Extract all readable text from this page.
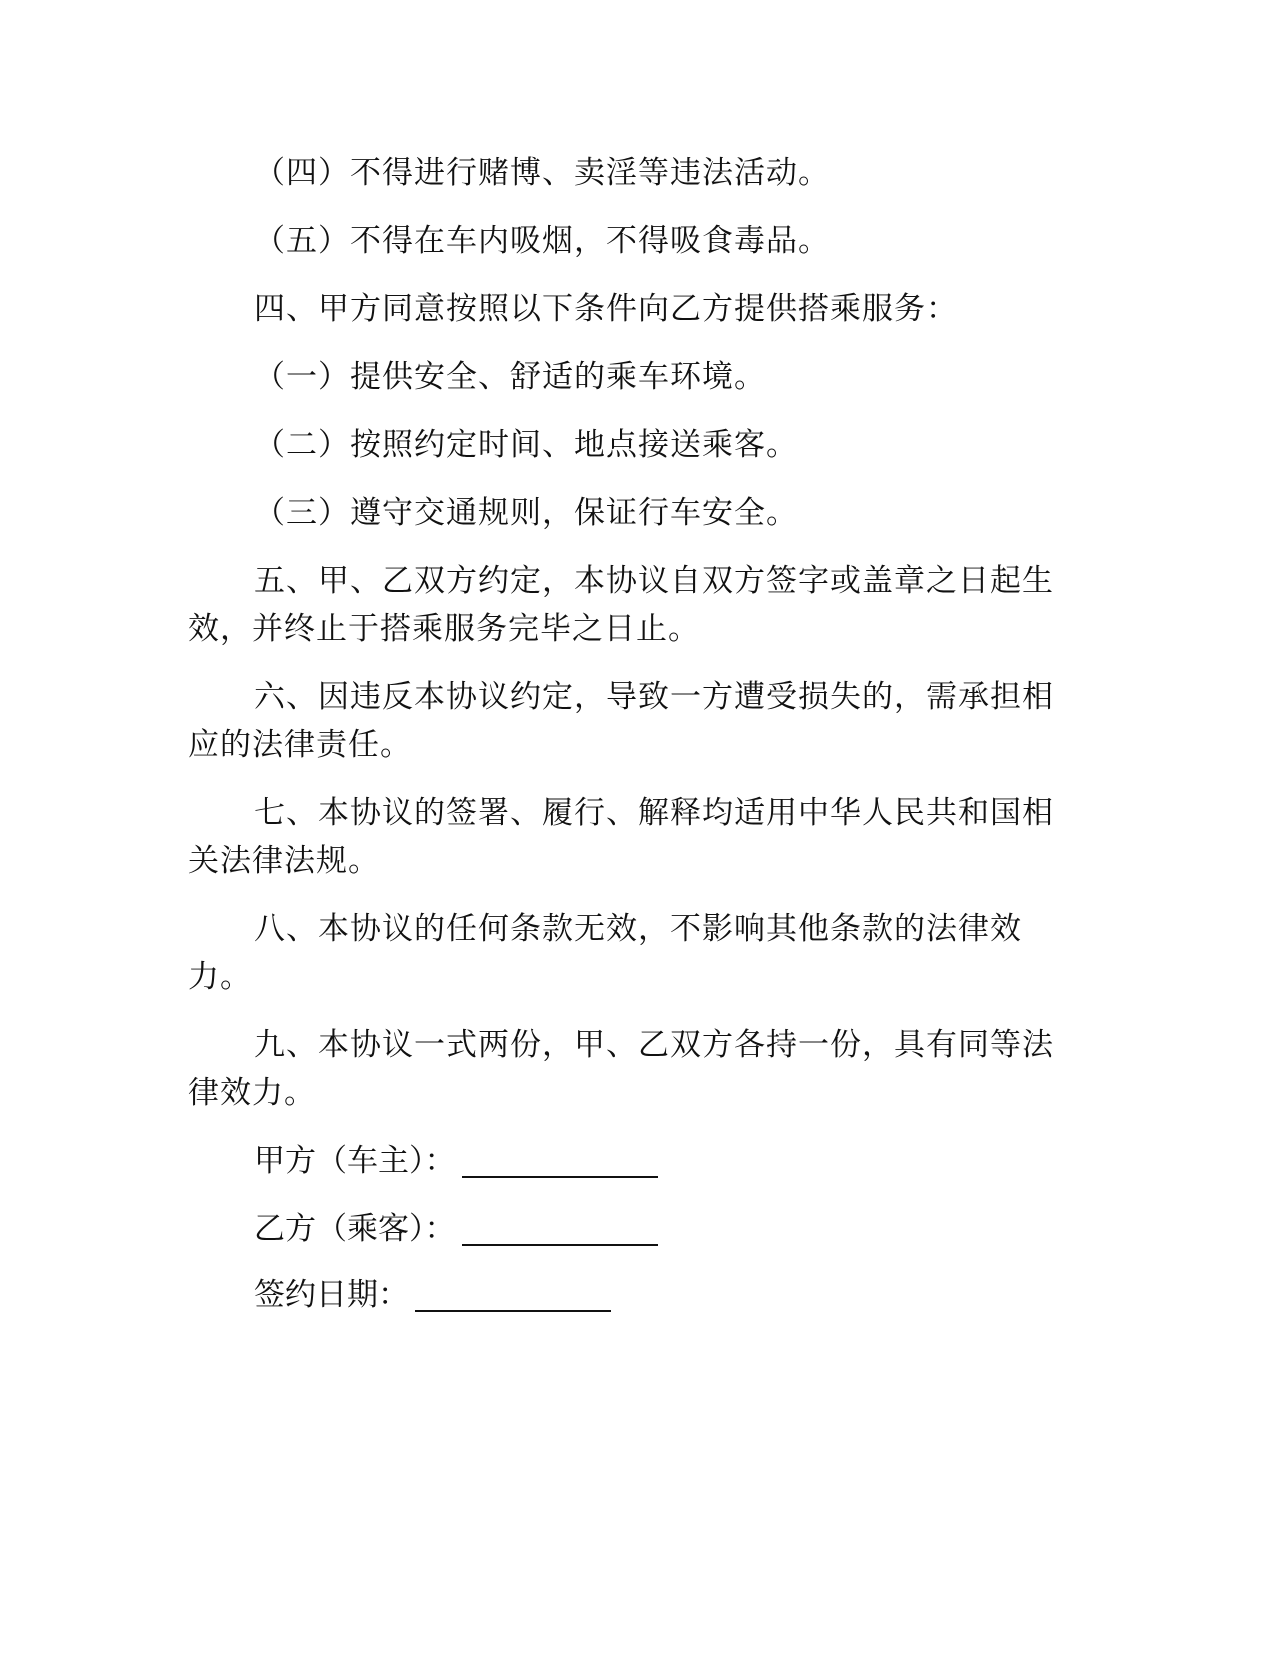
（四）不得进行赌博、卖淫等违法活动。
（五）不得在车内吸烟，不得吸食毒品。
四、甲方同意按照以下条件向乙方提供搭乘服务：
（一）提供安全、舒适的乘车环境。
（二）按照约定时间、地点接送乘客。
（三）遵守交通规则，保证行车安全。
五、甲、乙双方约定，本协议自双方签字或盖章之日起生
效，并终止于搭乘服务完毕之日止。
六、因违反本协议约定，导致一方遭受损失的，需承担相
应的法律责任。
七、本协议的签署、履行、解释均适用中华人民共和国相
关法律法规。
八、本协议的任何条款无效，不影响其他条款的法律效
力。
九、本协议一式两份，甲、乙双方各持一份，具有同等法
律效力。
甲方（车主）：
乙方（乘客）：
签约日期：
